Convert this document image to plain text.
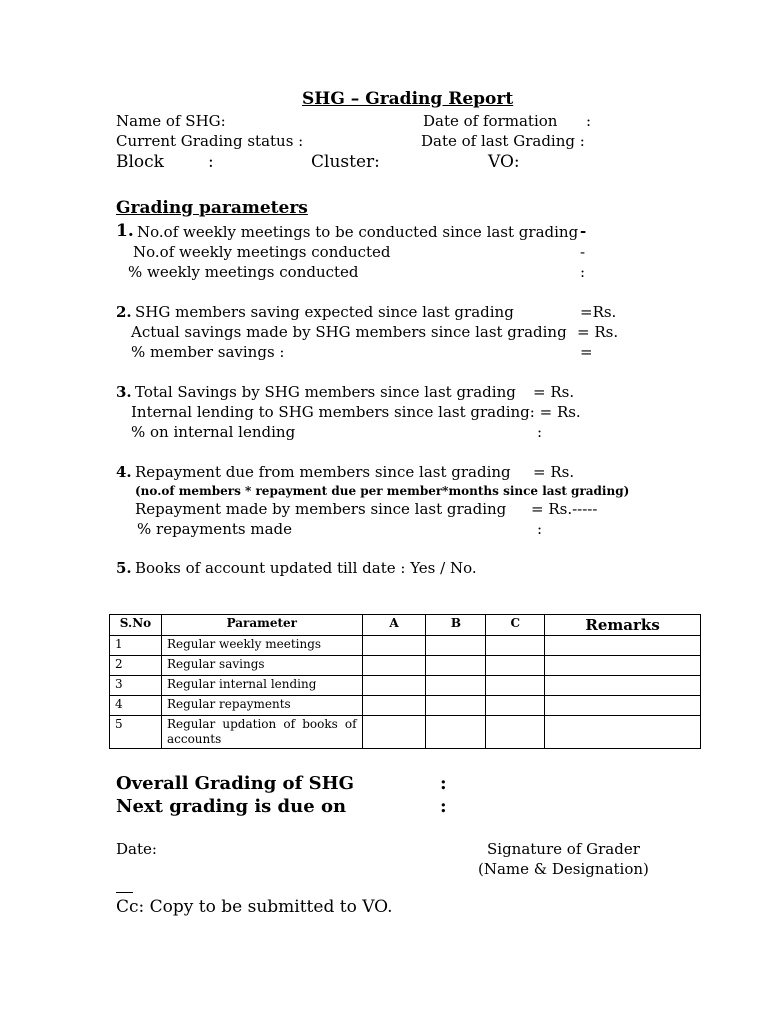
SHG – Grading Report
Name of SHG:	Date of formation :
Current Grading status :	Date of last Grading :
Block	:	Cluster:	VO:
Grading parameters
1. No.of weekly meetings to be conducted since last grading -
No.of weekly meetings conducted	-
% weekly meetings conducted	:
2. SHG members saving expected since last grading	=Rs.
Actual savings made by SHG members since last grading = Rs.
% member savings :	=
3. Total Savings by SHG members since last grading = Rs.
Internal lending to SHG members since last grading: = Rs.
% on internal lending	:
4. Repayment due from members since last grading = Rs.
(no.of members * repayment due per member*months since last grading)
Repayment made by members since last grading = Rs.-----
% repayments made	:
5. Books of account updated till date : Yes / No.
S.No	Parameter	A	B	C	Remarks
1	Regular weekly meetings				
2	Regular savings				
3	Regular internal lending				
4	Regular repayments				
5	Regular updation of books of accounts				
Overall Grading of SHG	:
Next grading is due on	:
Date:	Signature of Grader
(Name & Designation)
Cc: Copy to be submitted to VO.
